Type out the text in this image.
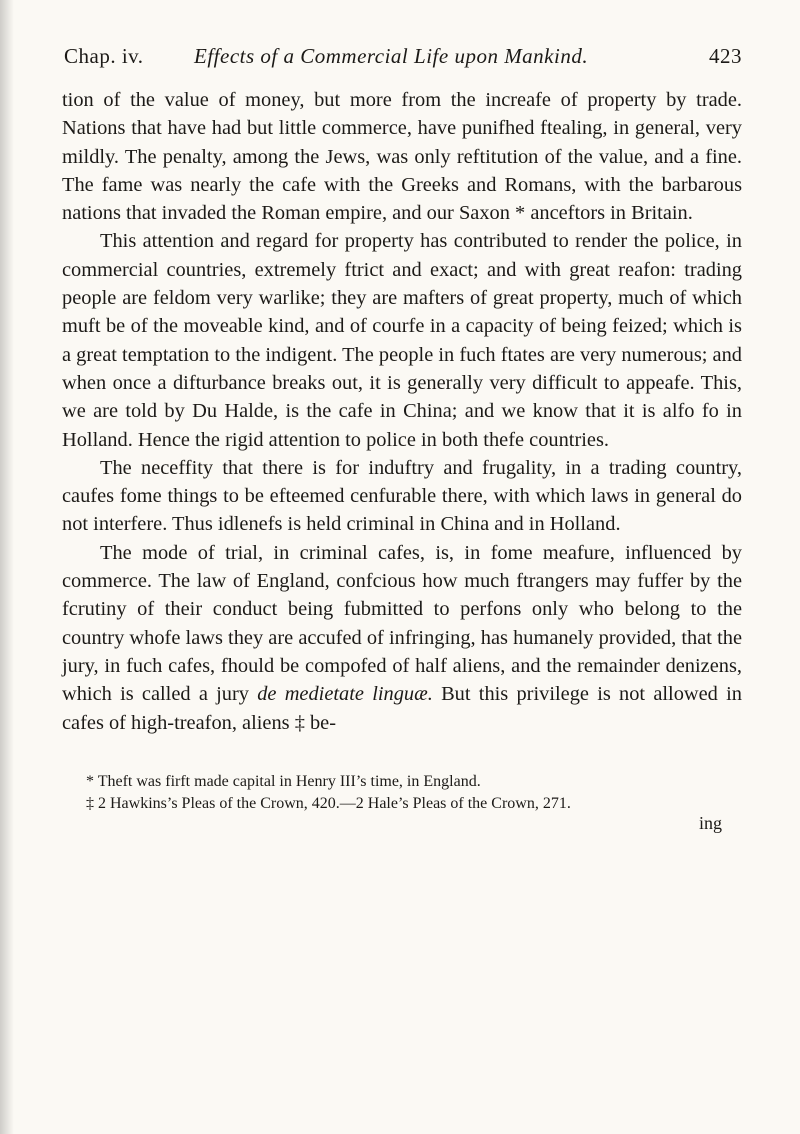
Chap. iv. Effects of a Commercial Life upon Mankind.	423

tion of the value of money, but more from the increafe of property by trade. Nations that have had but little commerce, have punifhed ftealing, in general, very mildly. The penalty, among the Jews, was only reftitution of the value, and a fine. The fame was nearly the cafe with the Greeks and Romans, with the barbarous nations that invaded the Roman empire, and our Saxon * anceftors in Britain.

This attention and regard for property has contributed to render the police, in commercial countries, extremely ftrict and exact; and with great reafon: trading people are feldom very warlike; they are mafters of great property, much of which muft be of the moveable kind, and of courfe in a capacity of being feized; which is a great temptation to the indigent. The people in fuch ftates are very numerous; and when once a difturbance breaks out, it is generally very difficult to appeafe. This, we are told by Du Halde, is the cafe in China; and we know that it is alfo fo in Holland. Hence the rigid attention to police in both thefe countries.

The neceffity that there is for induftry and frugality, in a trading country, caufes fome things to be efteemed cenfurable there, with which laws in general do not interfere. Thus idlenefs is held criminal in China and in Holland.

The mode of trial, in criminal cafes, is, in fome meafure, influenced by commerce. The law of England, confcious how much ftrangers may fuffer by the fcrutiny of their conduct being fubmitted to perfons only who belong to the country whofe laws they are accufed of infringing, has humanely provided, that the jury, in fuch cafes, fhould be compofed of half aliens, and the remainder denizens, which is called a jury de medietate linguæ. But this privilege is not allowed in cafes of high-treafon, aliens ‡ be-

* Theft was firft made capital in Henry III’s time, in England.

‡ 2 Hawkins’s Pleas of the Crown, 420.—2 Hale’s Pleas of the Crown, 271.

ing
